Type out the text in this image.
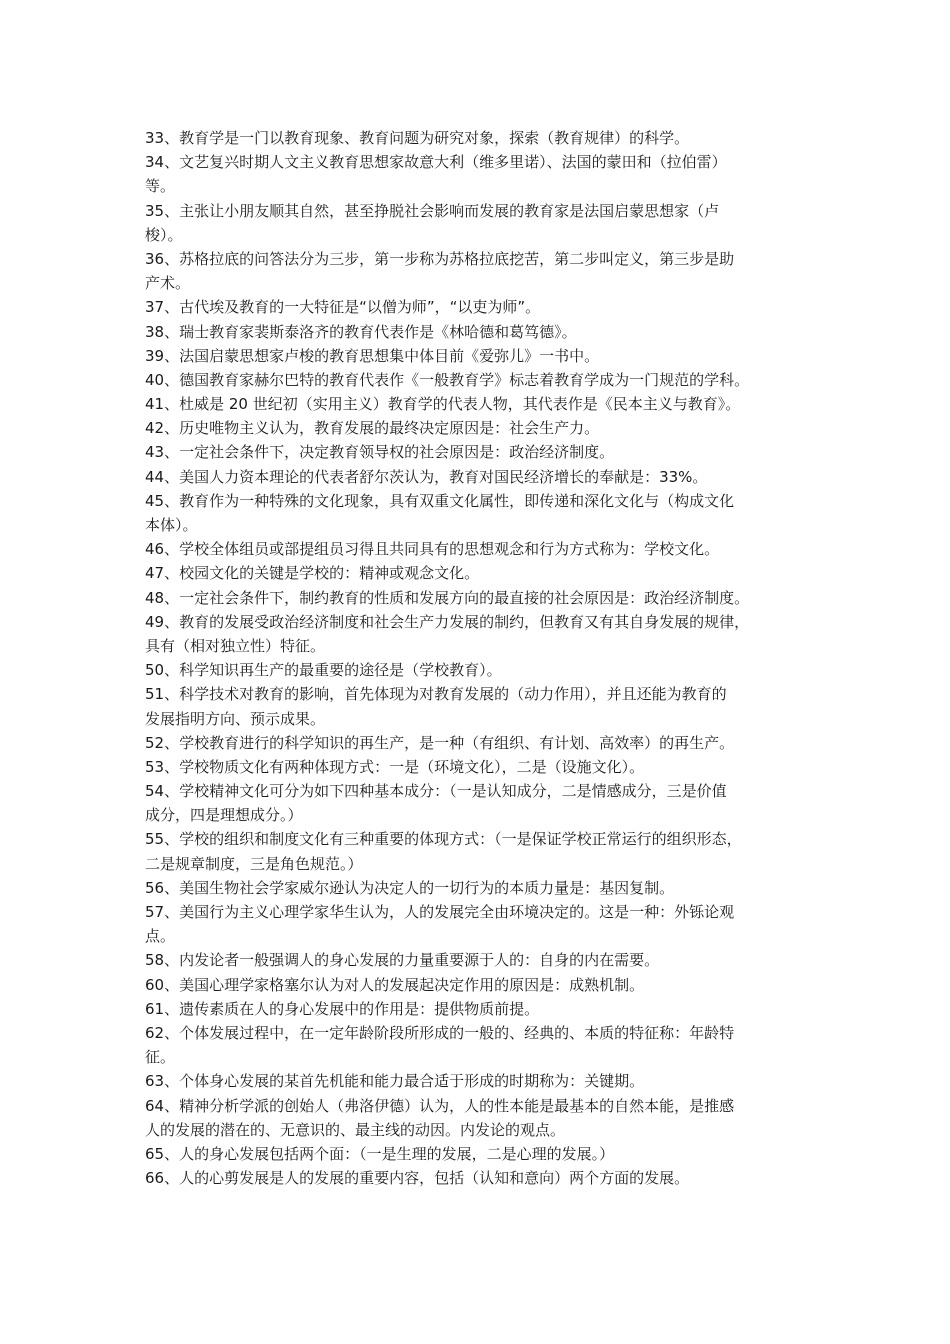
33、教育学是一门以教育现象、教育问题为研究对象，探索（教育规律）的科学。
34、文艺复兴时期人文主义教育思想家故意大利（维多里诺）、法国的蒙田和（拉伯雷）
等。
35、主张让小朋友顺其自然，甚至挣脱社会影响而发展的教育家是法国启蒙思想家（卢
梭）。
36、苏格拉底的问答法分为三步，第一步称为苏格拉底挖苦，第二步叫定义，第三步是助
产术。
37、古代埃及教育的一大特征是“以僧为师”，“以吏为师”。
38、瑞士教育家裴斯泰洛齐的教育代表作是《林哈德和葛笃德》。
39、法国启蒙思想家卢梭的教育思想集中体目前《爱弥儿》一书中。
40、德国教育家赫尔巴特的教育代表作《一般教育学》标志着教育学成为一门规范的学科。
41、杜威是 20 世纪初（实用主义）教育学的代表人物，其代表作是《民本主义与教育》。
42、历史唯物主义认为，教育发展的最终决定原因是：社会生产力。
43、一定社会条件下，决定教育领导权的社会原因是：政治经济制度。
44、美国人力资本理论的代表者舒尔茨认为，教育对国民经济增长的奉献是：33%。
45、教育作为一种特殊的文化现象，具有双重文化属性，即传递和深化文化与（构成文化
本体）。
46、学校全体组员或部提组员习得且共同具有的思想观念和行为方式称为：学校文化。
47、校园文化的关键是学校的：精神或观念文化。
48、一定社会条件下，制约教育的性质和发展方向的最直接的社会原因是：政治经济制度。
49、教育的发展受政治经济制度和社会生产力发展的制约，但教育又有其自身发展的规律，
具有（相对独立性）特征。
50、科学知识再生产的最重要的途径是（学校教育）。
51、科学技术对教育的影响，首先体现为对教育发展的（动力作用），并且还能为教育的
发展指明方向、预示成果。
52、学校教育进行的科学知识的再生产，是一种（有组织、有计划、高效率）的再生产。
53、学校物质文化有两种体现方式：一是（环境文化），二是（设施文化）。
54、学校精神文化可分为如下四种基本成分：（一是认知成分，二是情感成分，三是价值
成分，四是理想成分。）
55、学校的组织和制度文化有三种重要的体现方式：（一是保证学校正常运行的组织形态，
二是规章制度，三是角色规范。）
56、美国生物社会学家威尔逊认为决定人的一切行为的本质力量是：基因复制。
57、美国行为主义心理学家华生认为，人的发展完全由环境决定的。这是一种：外铄论观
点。
58、内发论者一般强调人的身心发展的力量重要源于人的：自身的内在需要。
60、美国心理学家格塞尔认为对人的发展起决定作用的原因是：成熟机制。
61、遗传素质在人的身心发展中的作用是：提供物质前提。
62、个体发展过程中，在一定年龄阶段所形成的一般的、经典的、本质的特征称：年龄特
征。
63、个体身心发展的某首先机能和能力最合适于形成的时期称为：关键期。
64、精神分析学派的创始人（弗洛伊德）认为，人的性本能是最基本的自然本能，是推感
人的发展的潜在的、无意识的、最主线的动因。内发论的观点。
65、人的身心发展包括两个面：（一是生理的发展，二是心理的发展。）
66、人的心剪发展是人的发展的重要内容，包括（认知和意向）两个方面的发展。
